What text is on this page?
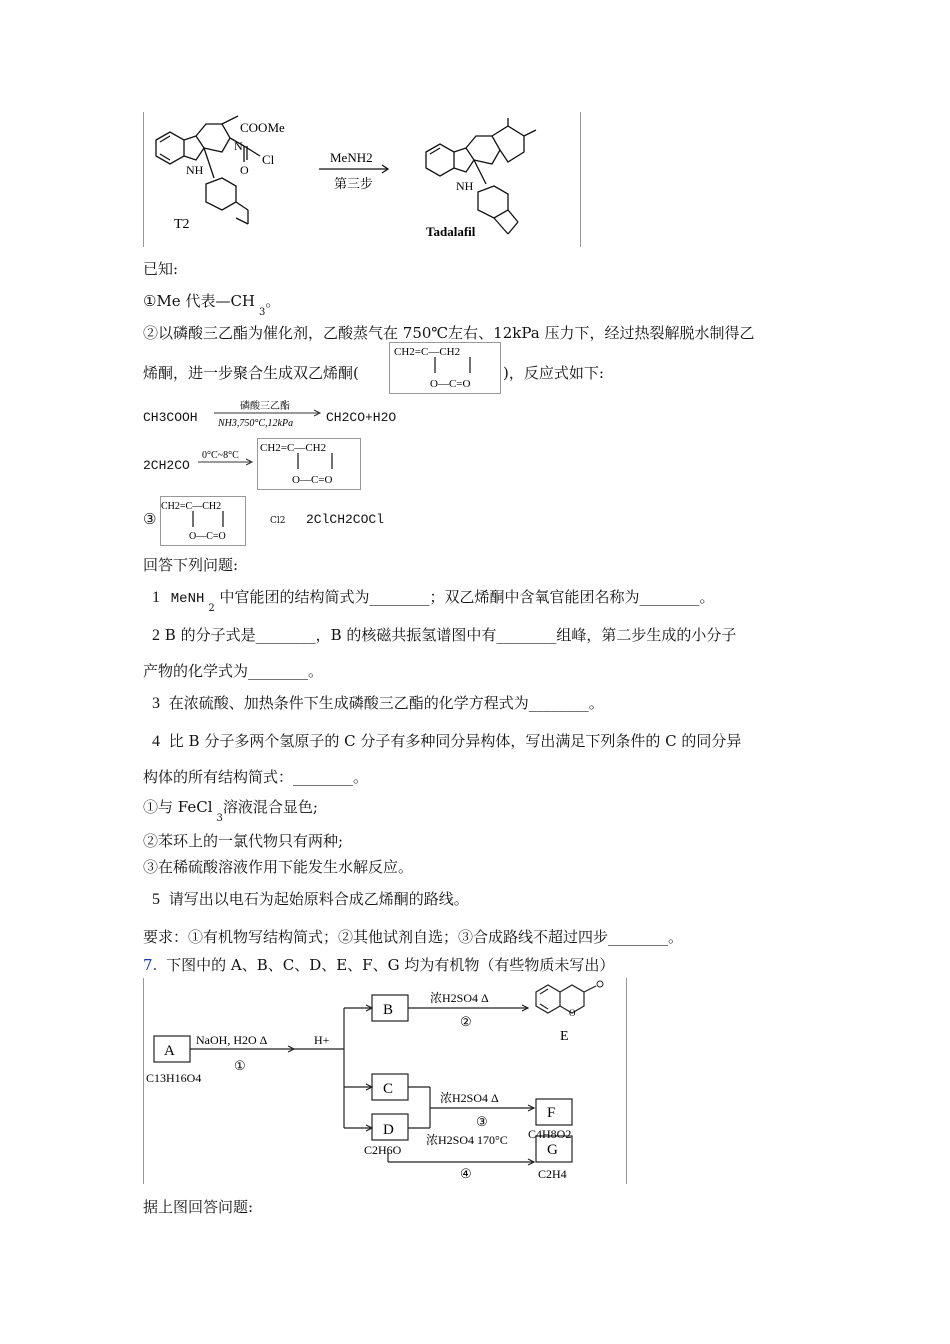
COOMe
N
Cl
O
NH
T2
MeNH2
第三步	NH
Tadalafil
已知:
①Me 代表$—CH_3$。
②以磷酸三乙酯为催化剂，乙酸蒸气在 750℃左右、12kPa 压力下，经过热裂解脱水制得乙
烯酮，进一步聚合生成双乙烯酮(
CH2=C—CH2
O—C=O
)，反应式如下:
CH3COOH
磷酸三乙酯
NH3,750°C,12kPa	CH2CO+H2O
2CH2CO
0°C~8°C
CH2=C—CH2
O—C=O
③
CH2=C—CH2
O—C=O
Cl2 2ClCH2COCl
回答下列问题:
1 MeNH$_2$ 中官能团的结构简式为________；双乙烯酮中含氧官能团名称为________。
2 B 的分子式是________，B 的核磁共振氢谱图中有________组峰，第二步生成的小分子
产物的化学式为________。
3 在浓硫酸、加热条件下生成磷酸三乙酯的化学方程式为________。
4 比 B 分子多两个氢原子的 C 分子有多种同分异构体，写出满足下列条件的 C 的同分异
构体的所有结构简式：________。
①与 FeCl$_3$溶液混合显色;
②苯环上的一氯代物只有两种;
③在稀硫酸溶液作用下能发生水解反应。
5 请写出以电石为起始原料合成乙烯酮的路线。
要求：①有机物写结构简式；②其他试剂自选；③合成路线不超过四步________。
7. 下图中的 A、B、C、D、E、F、G 均为有机物（有些物质未写出）
O
A
C13H16O4
NaOH, H2O Δ
①
H+
B
C
D
C2H6O
浓H2SO4 Δ
②
E
浓H2SO4 Δ
③
F
C4H8O2
浓H2SO4 170°C
④
G
C2H4
据上图回答问题:
